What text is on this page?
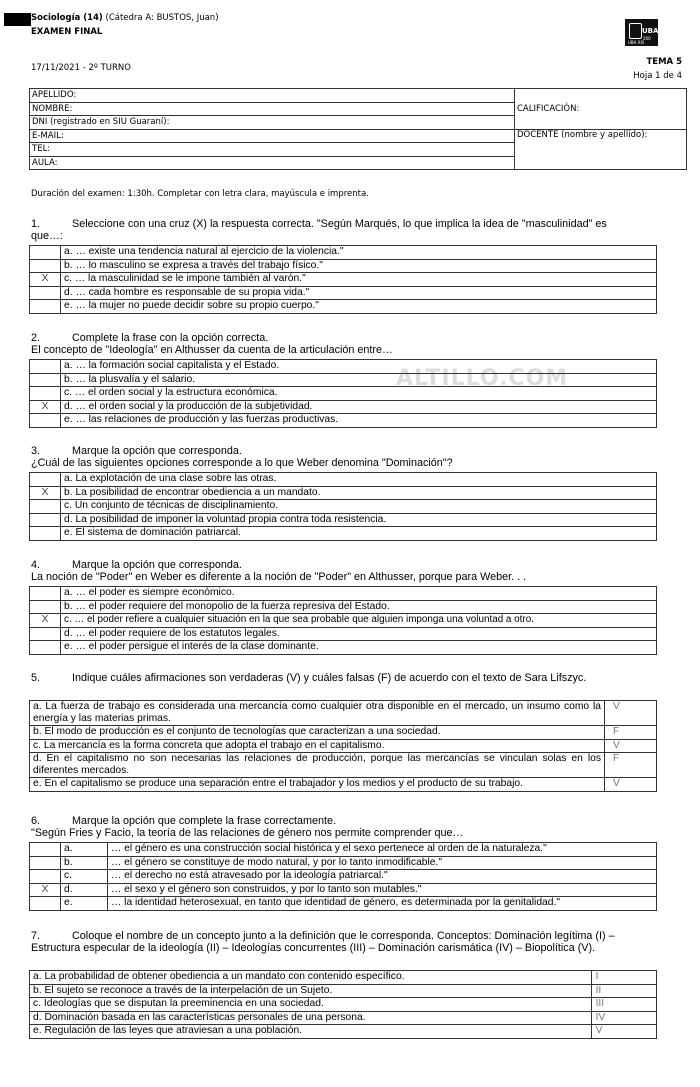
Sociología (14) (Cátedra A: BUSTOS, Juan)
EXAMEN FINAL
17/11/2021 - 2º TURNO
UBA
200
UBA XXI
TEMA 5
Hoja 1 de 4
APELLIDO:	CALIFICACIÓN:
NOMBRE:	
DNI (registrado en SIU Guaraní):	
E-MAIL:	DOCENTE (nombre y apellido):
TEL:	
AULA:	
Duración del examen: 1:30h. Completar con letra clara, mayúscula e imprenta.
ALTILLO.COM
1.	Seleccione con una cruz (X) la respuesta correcta. "Según Marqués, lo que implica la idea de "masculinidad" es
que…:
	a. … existe una tendencia natural al ejercicio de la violencia."
	b. … lo masculino se expresa a través del trabajo físico."
X	c. … la masculinidad se le impone también al varón."
	d. … cada hombre es responsable de su propia vida."
	e. … la mujer no puede decidir sobre su propio cuerpo."
2.	Complete la frase con la opción correcta.
El concepto de "Ideología" en Althusser da cuenta de la articulación entre…
	a. … la formación social capitalista y el Estado.
	b. … la plusvalía y el salario.
	c. … el orden social y la estructura económica.
X	d. … el orden social y la producción de la subjetividad.
	e. … las relaciones de producción y las fuerzas productivas.
3.	Marque la opción que corresponda.
¿Cuál de las siguientes opciones corresponde a lo que Weber denomina "Dominación"?
	a. La explotación de una clase sobre las otras.
X	b. La posibilidad de encontrar obediencia a un mandato.
	c. Un conjunto de técnicas de disciplinamiento.
	d. La posibilidad de imponer la voluntad propia contra toda resistencia.
	e. El sistema de dominación patriarcal.
4.	Marque la opción que corresponda.
La noción de "Poder" en Weber es diferente a la noción de "Poder" en Althusser, porque para Weber. . .
	a. … el poder es siempre económico.
	b. … el poder requiere del monopolio de la fuerza represiva del Estado.
X	c. … el poder refiere a cualquier situación en la que sea probable que alguien imponga una voluntad a otro.
	d. … el poder requiere de los estatutos legales.
	e. … el poder persigue el interés de la clase dominante.
5.	Indique cuáles afirmaciones son verdaderas (V) y cuáles falsas (F) de acuerdo con el texto de Sara Lifszyc.
a. La fuerza de trabajo es considerada una mercancía como cualquier otra disponible en el mercado, un insumo como la energía y las materias primas.	V
b. El modo de producción es el conjunto de tecnologías que caracterizan a una sociedad.	F
c. La mercancía es la forma concreta que adopta el trabajo en el capitalismo.	V
d. En el capitalismo no son necesarias las relaciones de producción, porque las mercancías se vinculan solas en los diferentes mercados.	F
e. En el capitalismo se produce una separación entre el trabajador y los medios y el producto de su trabajo.	V
6.	Marque la opción que complete la frase correctamente.
"Según Fries y Facio, la teoría de las relaciones de género nos permite comprender que…
	a.	… el género es una construcción social histórica y el sexo pertenece al orden de la naturaleza."
	b.	… el género se constituye de modo natural, y por lo tanto inmodificable."
	c.	… el derecho no está atravesado por la ideología patriarcal."
X	d.	… el sexo y el género son construidos, y por lo tanto son mutables."
	e.	… la identidad heterosexual, en tanto que identidad de género, es determinada por la genitalidad."
7.	Coloque el nombre de un concepto junto a la definición que le corresponda. Conceptos: Dominación legítima (I) –
Estructura especular de la ideología (II) – Ideologías concurrentes (III) – Dominación carismática (IV) – Biopolítica (V).
a. La probabilidad de obtener obediencia a un mandato con contenido específico.	I
b. El sujeto se reconoce a través de la interpelación de un Sujeto.	II
c. Ideologías que se disputan la preeminencia en una sociedad.	III
d. Dominación basada en las características personales de una persona.	IV
e. Regulación de las leyes que atraviesan a una población.	V
